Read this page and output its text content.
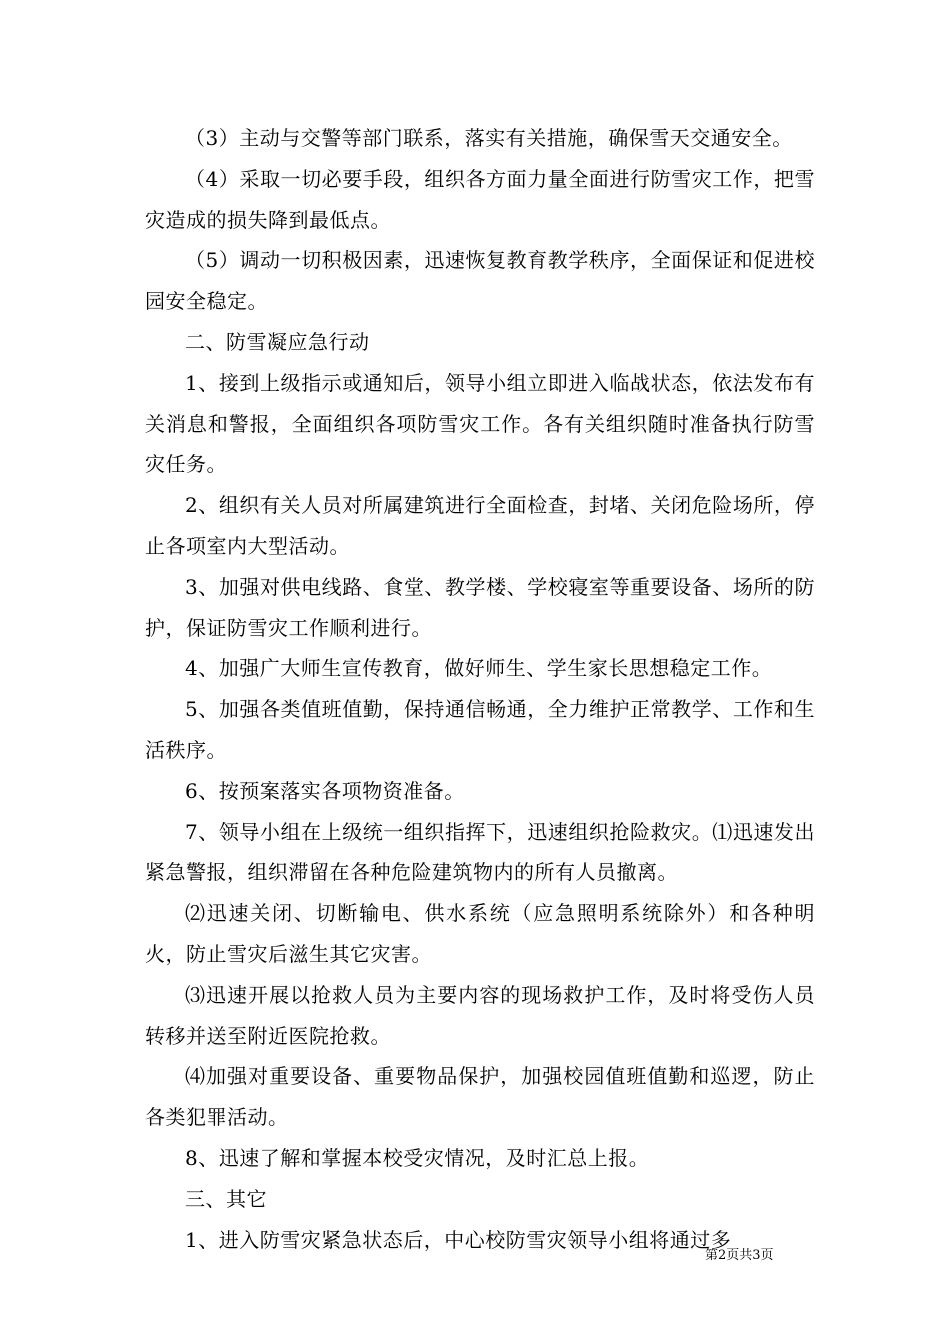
（3）主动与交警等部门联系，落实有关措施，确保雪天交通安全。

（4）采取一切必要手段，组织各方面力量全面进行防雪灾工作，把雪灾造成的损失降到最低点。

（5）调动一切积极因素，迅速恢复教育教学秩序，全面保证和促进校园安全稳定。

二、防雪凝应急行动

1、接到上级指示或通知后，领导小组立即进入临战状态，依法发布有关消息和警报，全面组织各项防雪灾工作。各有关组织随时准备执行防雪灾任务。

2、组织有关人员对所属建筑进行全面检查，封堵、关闭危险场所，停止各项室内大型活动。

3、加强对供电线路、食堂、教学楼、学校寝室等重要设备、场所的防护，保证防雪灾工作顺利进行。

4、加强广大师生宣传教育，做好师生、学生家长思想稳定工作。

5、加强各类值班值勤，保持通信畅通，全力维护正常教学、工作和生活秩序。

6、按预案落实各项物资准备。

7、领导小组在上级统一组织指挥下，迅速组织抢险救灾。⑴迅速发出紧急警报，组织滞留在各种危险建筑物内的所有人员撤离。

⑵迅速关闭、切断输电、供水系统（应急照明系统除外）和各种明火，防止雪灾后滋生其它灾害。

⑶迅速开展以抢救人员为主要内容的现场救护工作，及时将受伤人员转移并送至附近医院抢救。

⑷加强对重要设备、重要物品保护，加强校园值班值勤和巡逻，防止各类犯罪活动。

8、迅速了解和掌握本校受灾情况，及时汇总上报。

三、其它

1、进入防雪灾紧急状态后，中心校防雪灾领导小组将通过多

第2页共3页
